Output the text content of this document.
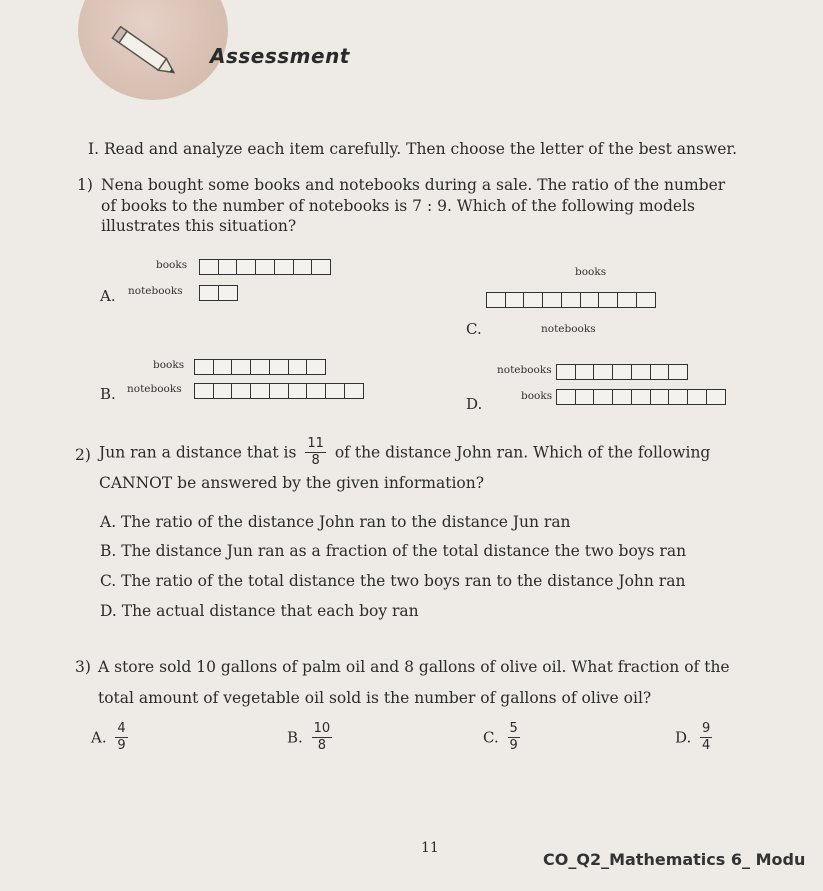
Assessment
I. Read and analyze each item carefully. Then choose the letter of the best answer.
1) Nena bought some books and notebooks during a sale. The ratio of the number
of books to the number of notebooks is 7 : 9. Which of the following models
illustrates this situation?
A.
books
notebooks
books
C.	notebooks
books
notebooks
B.
notebooks
books
D.
2) Jun ran a distance that is $\frac{11}{8}$ of the distance John ran. Which of the following
CANNOT be answered by the given information?
A. The ratio of the distance John ran to the distance Jun ran
B. The distance Jun ran as a fraction of the total distance the two boys ran
C. The ratio of the total distance the two boys ran to the distance John ran
D. The actual distance that each boy ran
3) A store sold 10 gallons of palm oil and 8 gallons of olive oil. What fraction of the
total amount of vegetable oil sold is the number of gallons of olive oil?
A. $\frac{4}{9}$	B. $\frac{10}{8}$	C. $\frac{5}{9}$	D. $\frac{9}{4}$
11
CO_Q2_Mathematics 6_ Modu
